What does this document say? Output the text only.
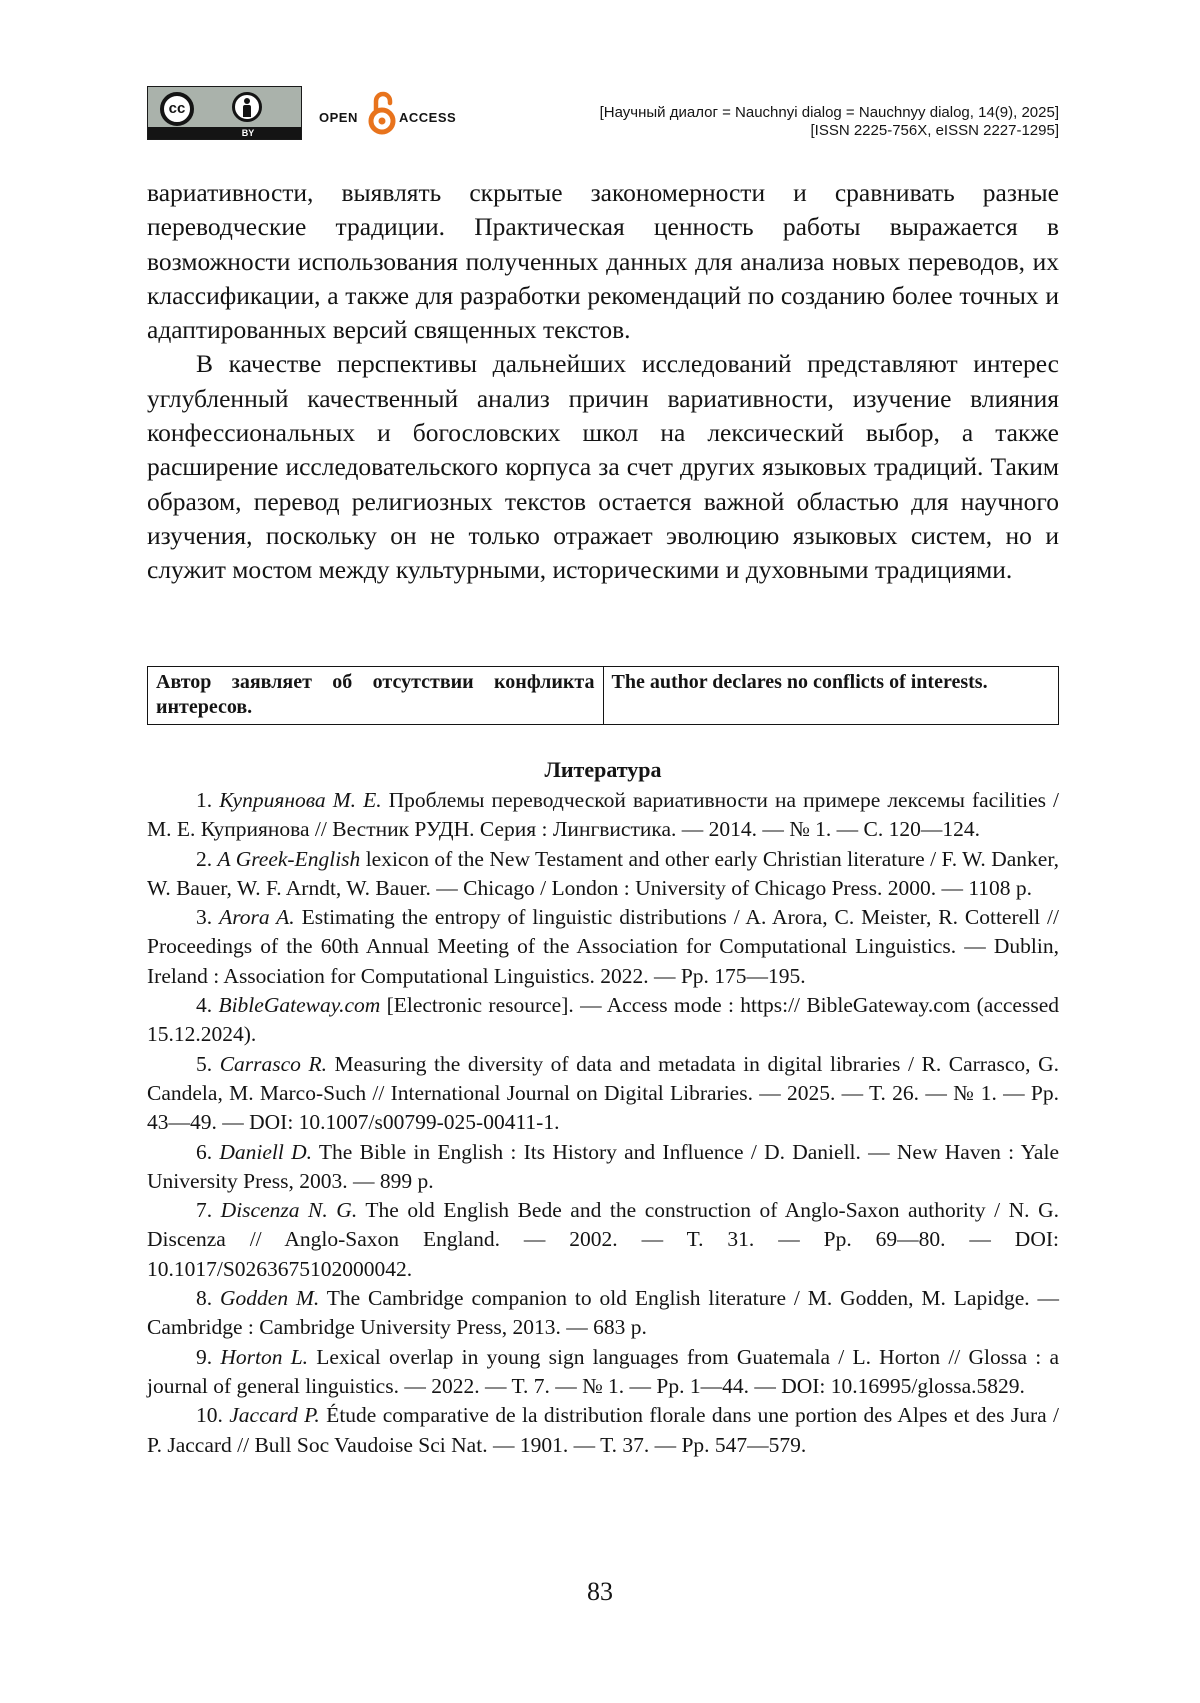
cc
BY
OPEN	ACCESS	[Научный диалог = Nauchnyi dialog = Nauchnyy dialog, 14(9), 2025]
[ISSN 2225-756X, eISSN 2227-1295]

вариативности, выявлять скрытые закономерности и сравнивать разные переводческие традиции. Практическая ценность работы выражается в возможности использования полученных данных для анализа новых переводов, их классификации, а также для разработки рекомендаций по созданию более точных и адаптированных версий священных текстов.

В качестве перспективы дальнейших исследований представляют интерес углубленный качественный анализ причин вариативности, изучение влияния конфессиональных и богословских школ на лексический выбор, а также расширение исследовательского корпуса за счет других языковых традиций. Таким образом, перевод религиозных текстов остается важной областью для научного изучения, поскольку он не только отражает эволюцию языковых систем, но и служит мостом между культурными, историческими и духовными традициями.

Автор заявляет об отсутствии конфликта интересов.
The author declares no conflicts of interests.
Литература
1. Куприянова М. Е. Проблемы переводческой вариативности на примере лексемы facilities / М. Е. Куприянова // Вестник РУДН. Серия : Лингвистика. — 2014. — № 1. — С. 120—124.
2. A Greek-English lexicon of the New Testament and other early Christian literature / F. W. Danker, W. Bauer, W. F. Arndt, W. Bauer. — Chicago / London : University of Chicago Press. 2000. — 1108 p.
3. Arora A. Estimating the entropy of linguistic distributions / A. Arora, C. Meister, R. Cotterell // Proceedings of the 60th Annual Meeting of the Association for Computational Linguistics. — Dublin, Ireland : Association for Computational Linguistics. 2022. — Pp. 175—195.
4. BibleGateway.com [Electronic resource]. — Access mode : https:// BibleGateway.com (accessed 15.12.2024).
5. Carrasco R. Measuring the diversity of data and metadata in digital libraries / R. Carrasco, G. Candela, M. Marco-Such // International Journal on Digital Libraries. — 2025. — T. 26. — № 1. — Pp. 43—49. — DOI: 10.1007/s00799-025-00411-1.
6. Daniell D. The Bible in English : Its History and Influence / D. Daniell. — New Haven : Yale University Press, 2003. — 899 p.
7. Discenza N. G. The old English Bede and the construction of Anglo-Saxon authority / N. G. Discenza // Anglo-Saxon England. — 2002. — T. 31. — Pp. 69—80. — DOI: 10.1017/S0263675102000042.
8. Godden M. The Cambridge companion to old English literature / M. Godden, M. Lapidge. — Cambridge : Cambridge University Press, 2013. — 683 p.
9. Horton L. Lexical overlap in young sign languages from Guatemala / L. Horton // Glossa : a journal of general linguistics. — 2022. — T. 7. — № 1. — Pp. 1—44. — DOI: 10.16995/glossa.5829.
10. Jaccard P. Étude comparative de la distribution florale dans une portion des Alpes et des Jura / P. Jaccard // Bull Soc Vaudoise Sci Nat. — 1901. — T. 37. — Pp. 547—579.
83
